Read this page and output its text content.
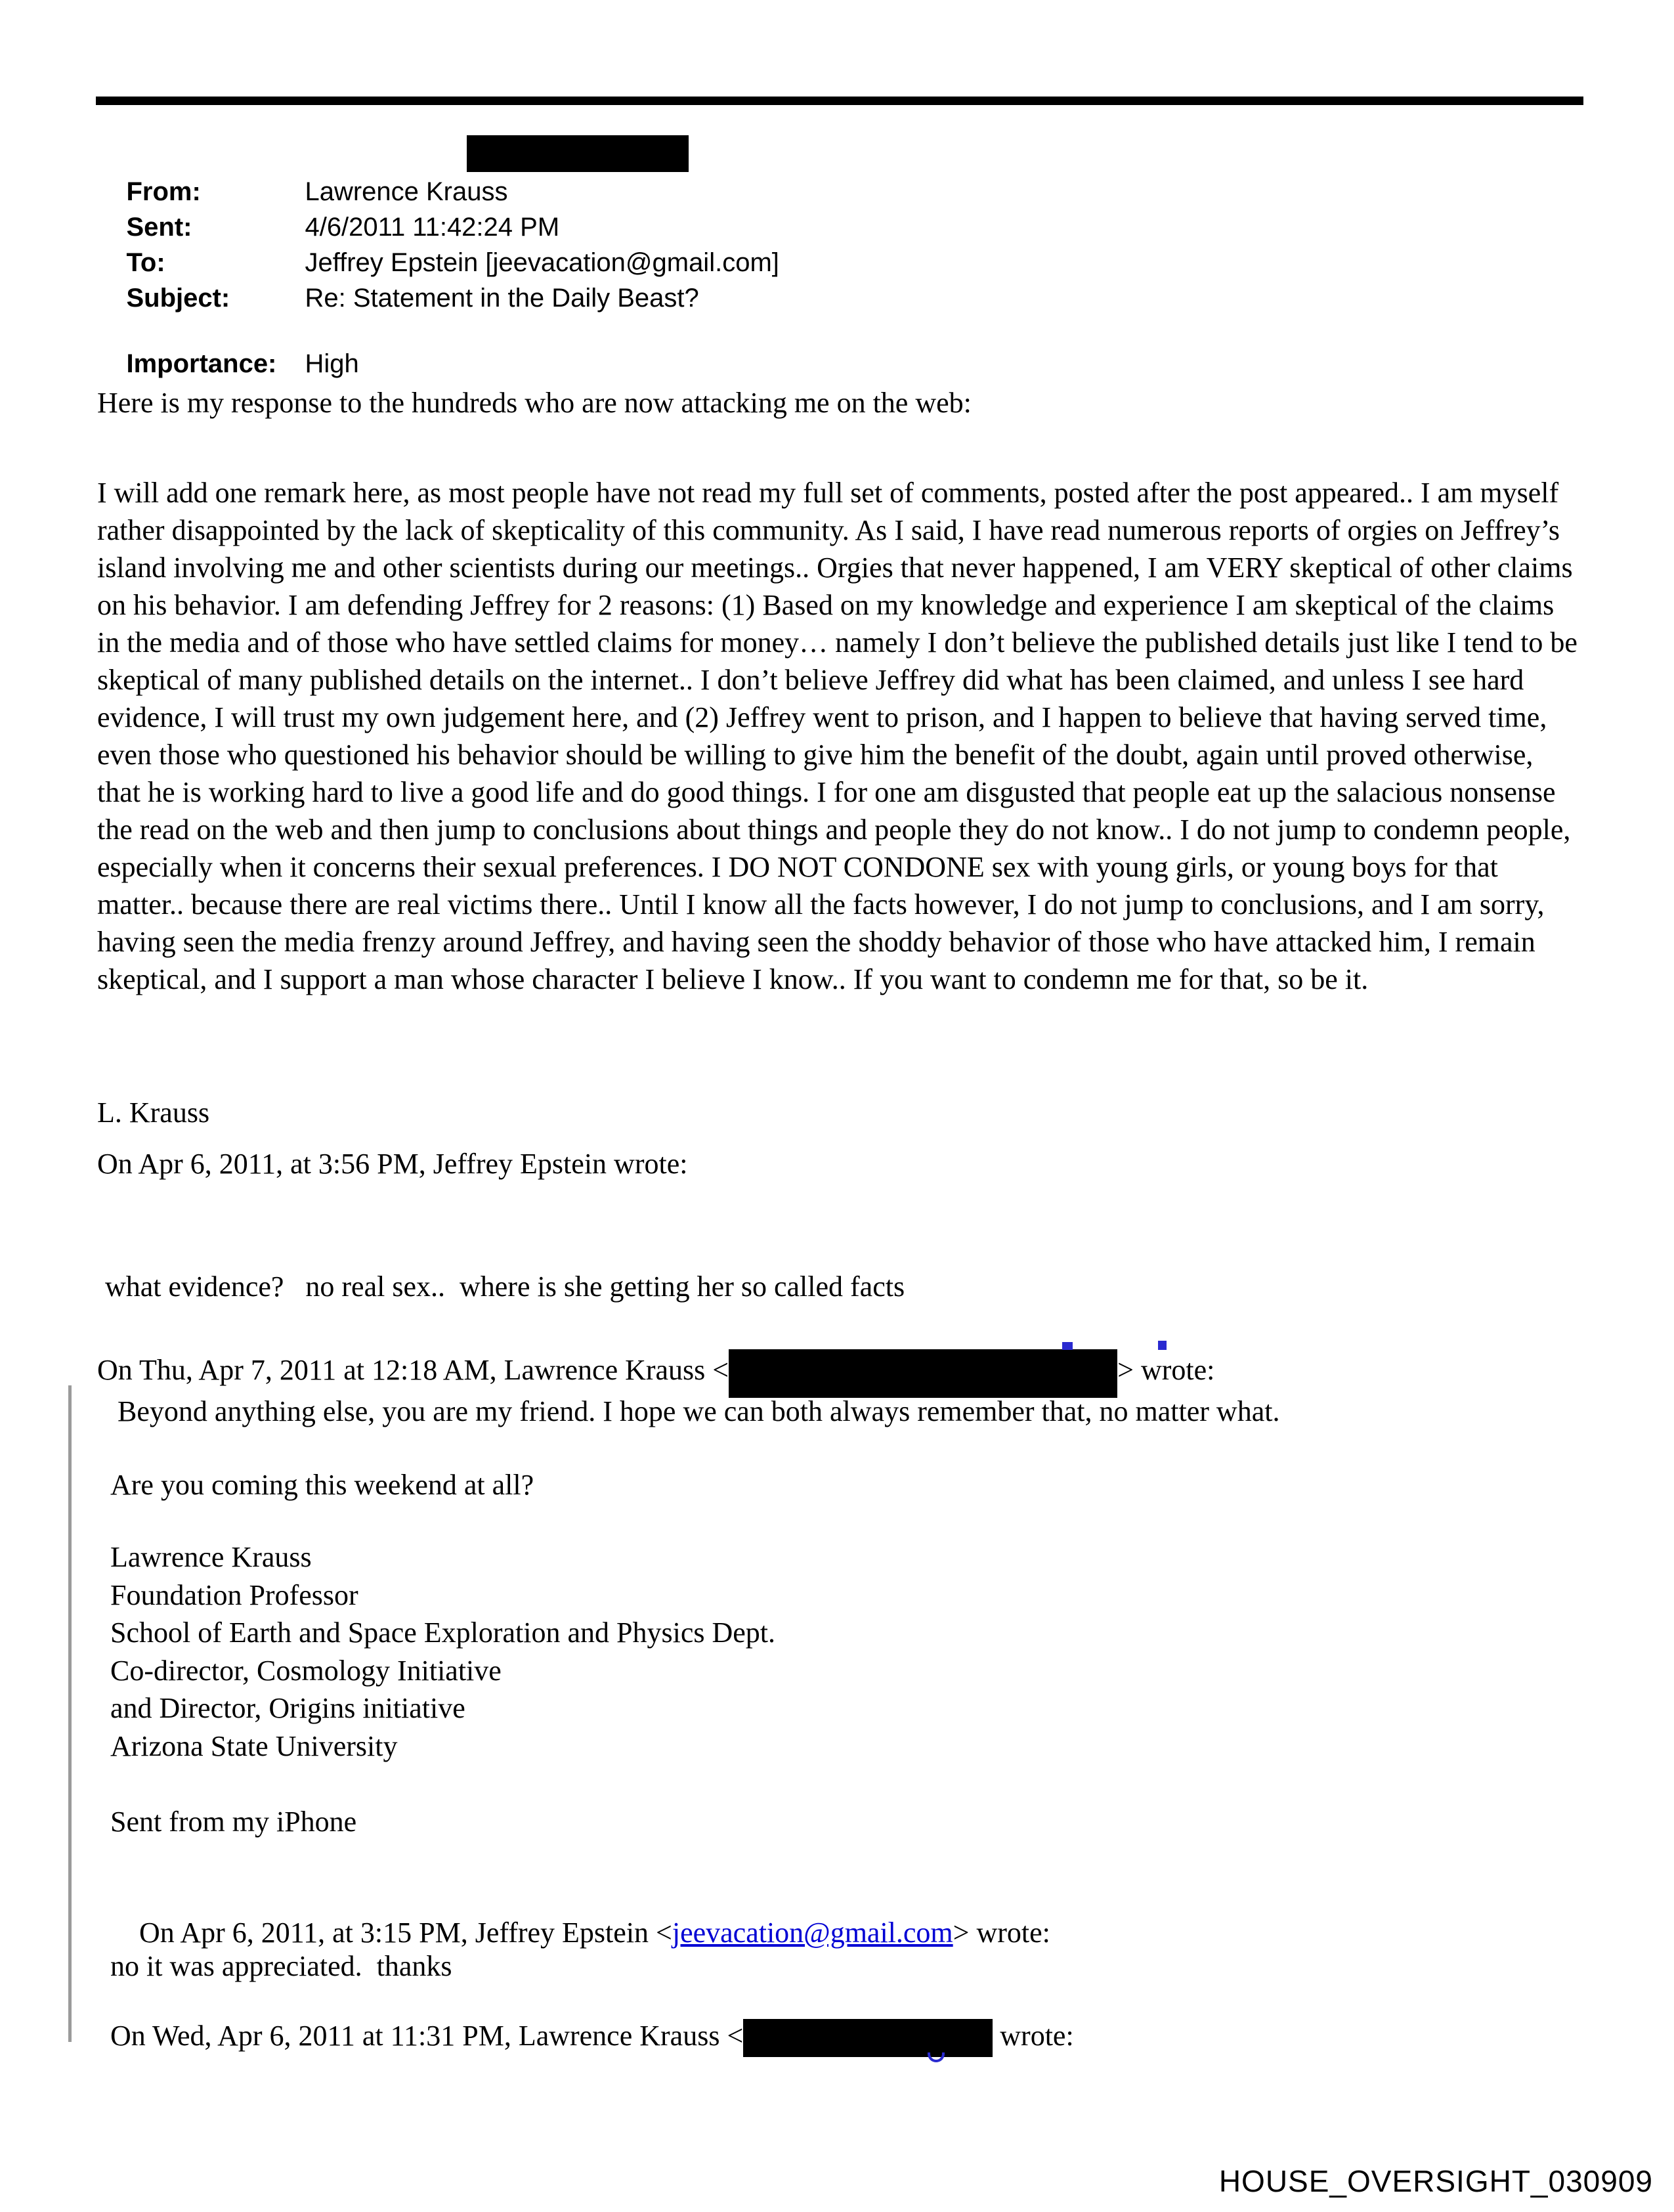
From:	Lawrence Krauss

Sent:	4/6/2011 11:42:24 PM

To:	Jeffrey Epstein [jeevacation@gmail.com]

Subject:	Re: Statement in the Daily Beast?

Importance: High

Here is my response to the hundreds who are now attacking me on the web:
I will add one remark here, as most people have not read my full set of comments, posted after the post appeared.. I am myself rather disappointed by the lack of skepticality of this community. As I said, I have read numerous reports of orgies on Jeffrey’s island involving me and other scientists during our meetings.. Orgies that never happened, I am VERY skeptical of other claims on his behavior. I am defending Jeffrey for 2 reasons: (1) Based on my knowledge and experience I am skeptical of the claims in the media and of those who have settled claims for money… namely I don’t believe the published details just like I tend to be skeptical of many published details on the internet.. I don’t believe Jeffrey did what has been claimed, and unless I see hard evidence, I will trust my own judgement here, and (2) Jeffrey went to prison, and I happen to believe that having served time, even those who questioned his behavior should be willing to give him the benefit of the doubt, again until proved otherwise, that he is working hard to live a good life and do good things. I for one am disgusted that people eat up the salacious nonsense the read on the web and then jump to conclusions about things and people they do not know.. I do not jump to condemn people, especially when it concerns their sexual preferences. I DO NOT CONDONE sex with young girls, or young boys for that matter.. because there are real victims there.. Until I know all the facts however, I do not jump to conclusions, and I am sorry, having seen the media frenzy around Jeffrey, and having seen the shoddy behavior of those who have attacked him, I remain skeptical, and I support a man whose character I believe I know.. If you want to condemn me for that, so be it.
L. Krauss
On Apr 6, 2011, at 3:56 PM, Jeffrey Epstein wrote:
what evidence?   no real sex..  where is she getting her so called facts
On Thu, Apr 7, 2011 at 12:18 AM, Lawrence Krauss <	> wrote:
Beyond anything else, you are my friend. I hope we can both always remember that, no matter what.
Are you coming this weekend at all?
Lawrence Krauss
Foundation Professor
School of Earth and Space Exploration and Physics Dept.
Co-director, Cosmology Initiative
and Director, Origins initiative
Arizona State University
Sent from my iPhone

On Apr 6, 2011, at 3:15 PM, Jeffrey Epstein <jeevacation@gmail.com> wrote:

no it was appreciated.  thanks
On Wed, Apr 6, 2011 at 11:31 PM, Lawrence Krauss <	wrote:
HOUSE_OVERSIGHT_030909
